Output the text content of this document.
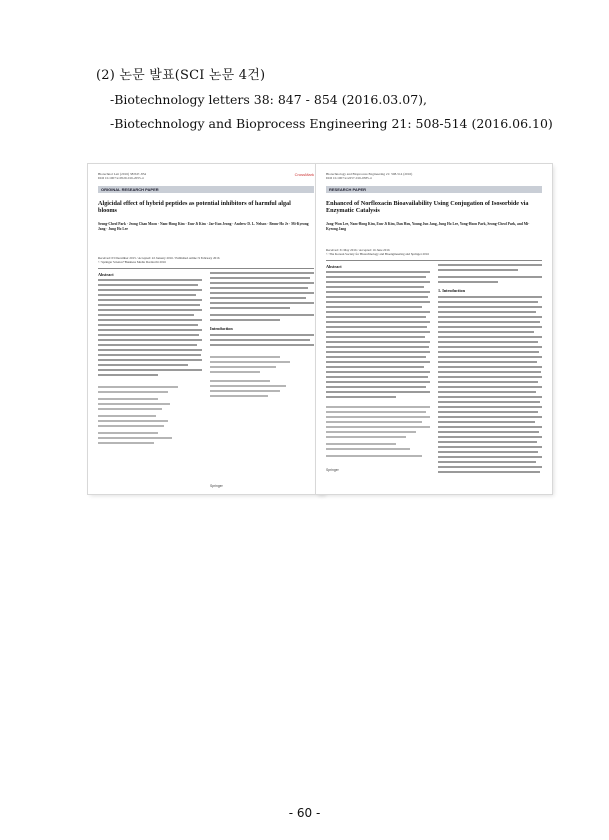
(2) 논문 발표(SCI 논문 4건)
-Biotechnology letters 38: 847 - 854 (2016.03.07),
-Biotechnology and Bioprocess Engineering 21: 508-514 (2016.06.10)
Biotechnol Lett (2016) 38:847–854
DOI 10.1007/s10529-016-2055-4
CrossMark
ORIGINAL RESEARCH PAPER
Algicidal effect of hybrid peptides as potential inhibitors of harmful algal blooms
Seong-Cheol Park · Jeong Chan Moon · Nam-Hong Kim · Eun-Ji Kim · Jae-Eun Jeong · Andrew D. L. Nelson · Beom-Ho Je · Mi-Kyeong Jang · Jung Ho Lee
Received: 03 December 2015 / Accepted: 22 January 2016 / Published online: 9 February 2016
© Springer Science+Business Media Dordrecht 2016
Abstract
Introduction
Springer
Biotechnology and Bioprocess Engineering 21: 508-514 (2016)
DOI 10.1007/s12257-016-0385-4
RESEARCH PAPER
Enhanced of Norfloxacin Bioavailability Using Conjugation of Isosorbide via Enzymatic Catalysis
Jong-Won Lee, Nam-Hong Kim, Eun-Ji Kim, Dan Hou, Young Jun Jang, Jung Ho Lee, Yong-Hoon Park, Seong-Cheol Park, and Mi-Kyeong Jang
Received: 31 May 2016 / Accepted: 16 June 2016
© The Korean Society for Biotechnology and Bioengineering and Springer 2016
Abstract
1. Introduction
Springer
- 60 -
